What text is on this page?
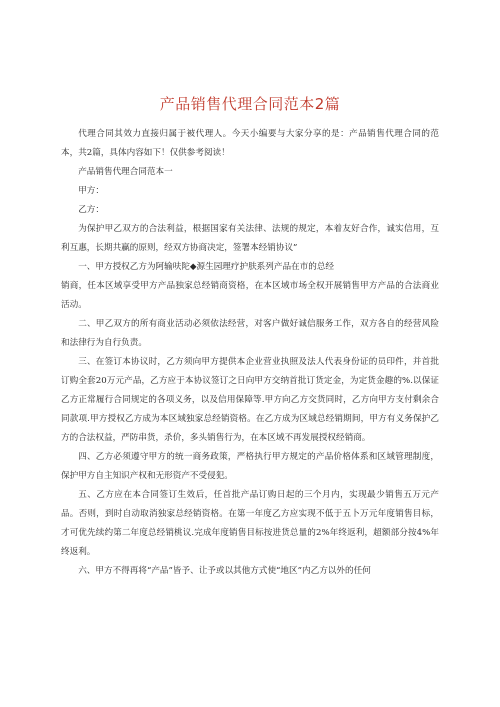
产品销售代理合同范本2篇

代理合同其效力直接归属于被代理人。今天小编要与大家分享的是：产品销售代理合同的范本，共2篇，具体内容如下！仅供参考阅读！

产品销售代理合同范本一

甲方：

乙方：

为保护甲乙双方的合法利益，根据国家有关法律、法规的规定，本着友好合作，诚实信用，互利互惠，长期共赢的原则，经双方协商决定，签署本经销协议”

一、甲方授权乙方为阿输呋陀◆源生园理疗护肤系列产品在市的总经

销商，任本区域享受甲方产品独家总经销商资格，在本区域市场全权开展销售甲方产品的合法商业活动。

二、甲乙双方的所有商业活动必须依法经营，对客户做好诚信服务工作，双方各自的经营风险和法律行为自行负责。

三、在签订本协议时，乙方须向甲方提供本企业营业执照及法人代表身份证的员印件，并首批订购全套20万元产品，乙方应于本协议签订之日向甲方交纳首批订货定金，为定货金趣的%.以保证乙方正常履行合同规定的各项义务，以及信用保障等.甲方向乙方交货同时，乙方向甲方支付剩余合同款项.甲方授权乙方成为本区域独家总经销资格。在乙方成为区域总经销期间，甲方有义务保护乙方的合法权益，严防串货，杀价，多头销售行为，在本区域不再发展授权经销商。

四、乙方必须遵守甲方的统一商务政策，严格执行甲方规定的产品价格体系和区域管理制度，保护甲方自主知识产权和无形资产不受侵犯。

五、乙方应在本合同签订生效后，任首批产品订购日起的三个月内，实现最少销售五万元产品。否则，到时自动取消独家总经销资格。在第一年度乙方应实现不低于五卜万元年度销售目标，才可优先续约第二年度总经销桃议.完成年度销售目标按进货总量的2%年终返利，超额部分按4%年终返利。

六、甲方不得再将“产品”皆予、让予或以其他方式使“地区”内乙方以外的任何
